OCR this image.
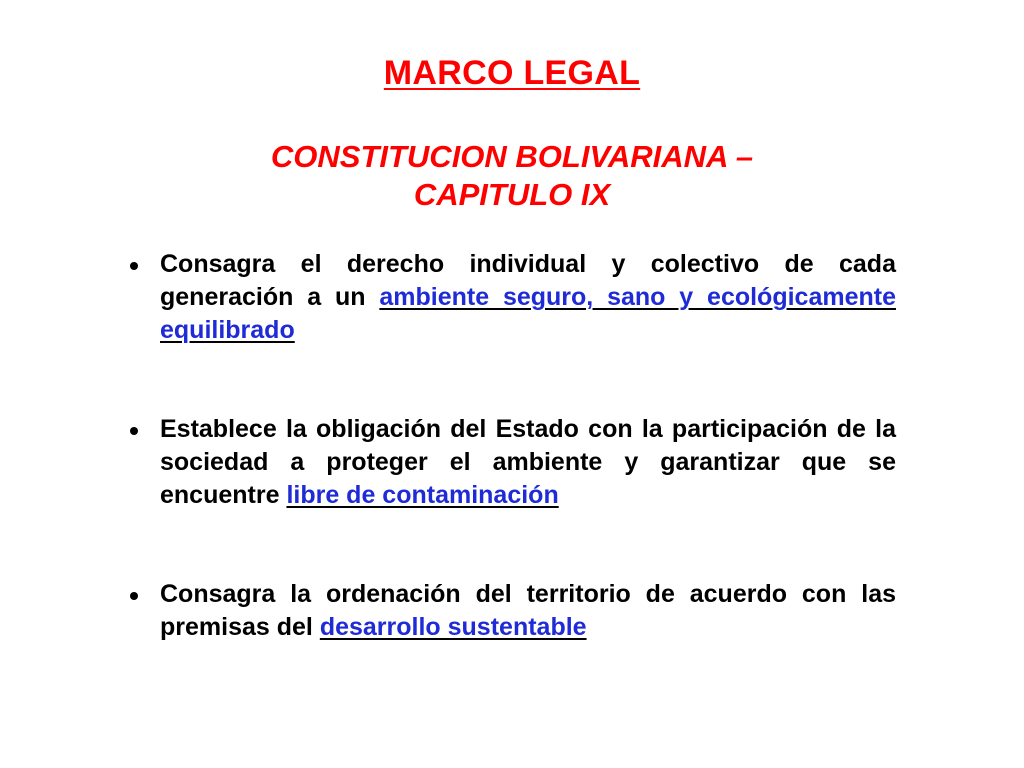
MARCO LEGAL
CONSTITUCION BOLIVARIANA –
CAPITULO IX
Consagra el derecho individual y colectivo de cada generación a un ambiente seguro, sano y ecológicamente equilibrado
Establece la obligación del Estado con la participación de la sociedad a proteger el ambiente y garantizar que se encuentre libre de contaminación
Consagra la ordenación del territorio de acuerdo con las premisas del desarrollo sustentable
